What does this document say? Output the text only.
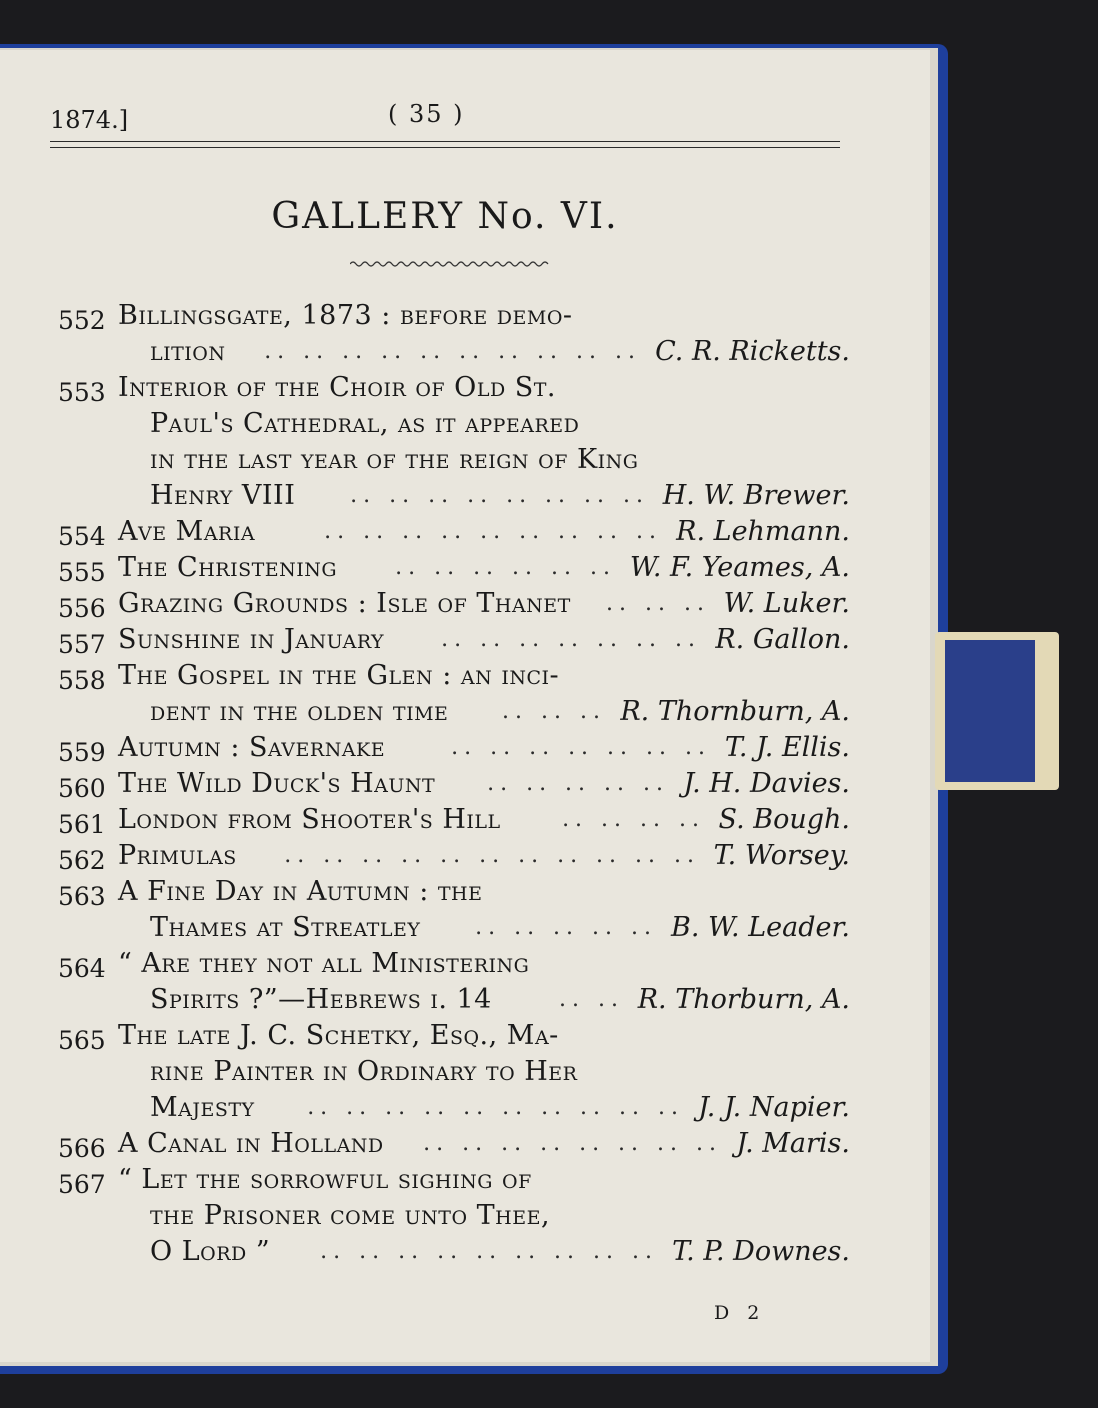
1874.]	( 35 )
GALLERY No. VI.
552 Billingsgate, 1873 : before demo-
lition	.. .. .. .. .. .. .. .. .. .. C. R. Ricketts.
553 Interior of the Choir of Old St.
Paul's Cathedral, as it appeared
in the last year of the reign of King
Henry VIII	.. .. .. .. .. .. .. .. H. W. Brewer.
554 Ave Maria	.. .. .. .. .. .. .. .. .. R. Lehmann.
555 The Christening	.. .. .. .. .. .. W. F. Yeames, A.
556 Grazing Grounds : Isle of Thanet	.. .. .. W. Luker.
557 Sunshine in January	.. .. .. .. .. .. .. R. Gallon.
558 The Gospel in the Glen : an inci-
dent in the olden time	.. .. .. R. Thornburn, A.
559 Autumn : Savernake	.. .. .. .. .. .. .. T. J. Ellis.
560 The Wild Duck's Haunt	.. .. .. .. .. J. H. Davies.
561 London from Shooter's Hill	.. .. .. .. S. Bough.
562 Primulas	.. .. .. .. .. .. .. .. .. .. .. T. Worsey.
563 A Fine Day in Autumn : the
Thames at Streatley	.. .. .. .. .. B. W. Leader.
564 “ Are they not all Ministering
Spirits ?”—Hebrews i. 14	.. .. R. Thorburn, A.
565 The late J. C. Schetky, Esq., Ma-
rine Painter in Ordinary to Her
Majesty	.. .. .. .. .. .. .. .. .. .. J. J. Napier.
566 A Canal in Holland	.. .. .. .. .. .. .. .. J. Maris.
567 “ Let the sorrowful sighing of
the Prisoner come unto Thee,
O Lord ”	.. .. .. .. .. .. .. .. .. T. P. Downes.
D 2
